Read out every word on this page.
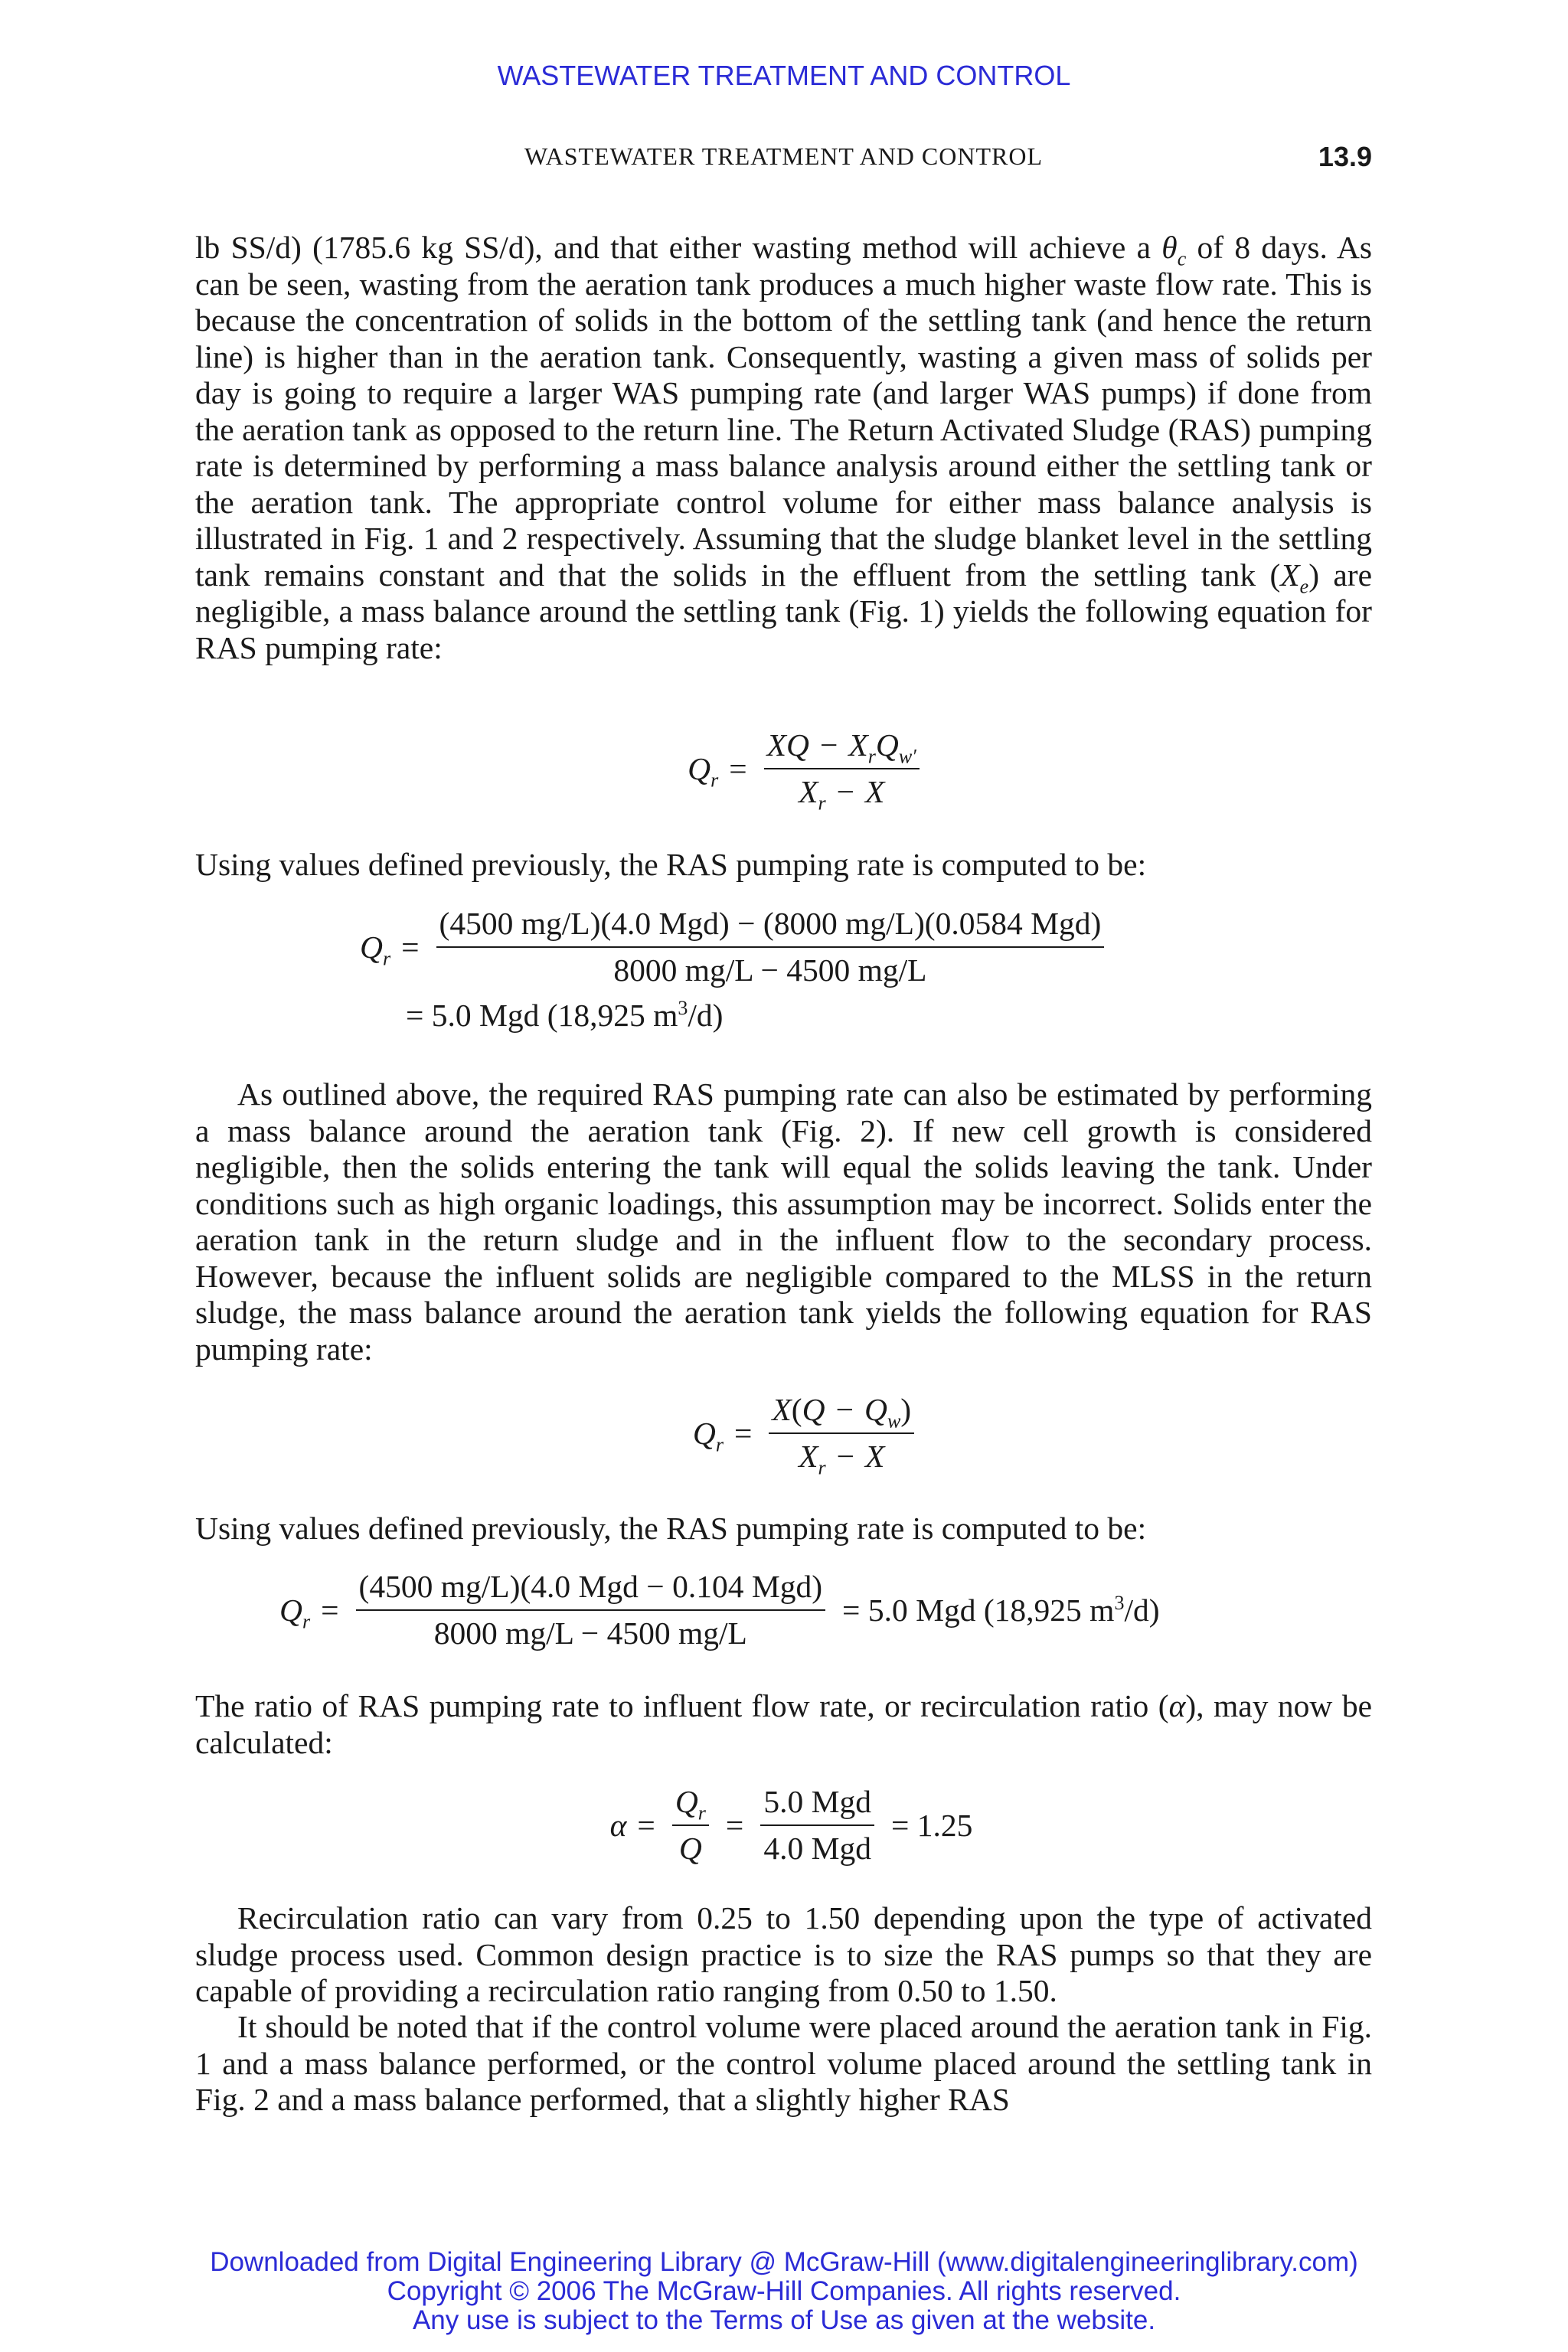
WASTEWATER TREATMENT AND CONTROL
WASTEWATER TREATMENT AND CONTROL	13.9

lb SS/d) (1785.6 kg SS/d), and that either wasting method will achieve a $\theta_c$ of 8 days. As can be seen, wasting from the aeration tank produces a much higher waste flow rate. This is because the concentration of solids in the bottom of the settling tank (and hence the return line) is higher than in the aeration tank. Consequently, wasting a given mass of solids per day is going to require a larger WAS pumping rate (and larger WAS pumps) if done from the aeration tank as opposed to the return line. The Return Activated Sludge (RAS) pumping rate is determined by performing a mass balance analysis around either the settling tank or the aeration tank. The appropriate control volume for either mass balance analysis is illustrated in Fig. 1 and 2 respectively. Assuming that the sludge blanket level in the settling tank remains constant and that the solids in the effluent from the settling tank $(X_e)$ are negligible, a mass balance around the settling tank (Fig. 1) yields the following equation for RAS pumping rate:

$Q_r = \frac{XQ - X_rQ_{w'}}{X_r - X}$

Using values defined previously, the RAS pumping rate is computed to be:

$Q_r = \frac{\text{(4500 mg/L)(4.0 Mgd) − (8000 mg/L)(0.0584 Mgd)}}{8000 mg/L - 4500 mg/L}$
= 5.0 Mgd (18,925 $m^3/d$)

As outlined above, the required RAS pumping rate can also be estimated by performing a mass balance around the aeration tank (Fig. 2). If new cell growth is considered negligible, then the solids entering the tank will equal the solids leaving the tank. Under conditions such as high organic loadings, this assumption may be incorrect. Solids enter the aeration tank in the return sludge and in the influent flow to the secondary process. However, because the influent solids are negligible compared to the MLSS in the return sludge, the mass balance around the aeration tank yields the following equation for RAS pumping rate:

$Q_r = \frac{X(Q - Q_w)}{X_r - X}$

Using values defined previously, the RAS pumping rate is computed to be:

$Q_r = \frac{\text{(4500 mg/L)(4.0 Mgd − 0.104 Mgd)}}{8000 mg/L - 4500 mg/L} = 5.0$ Mgd (18,925 $m^3/d$)

The ratio of RAS pumping rate to influent flow rate, or recirculation ratio (α), may now be calculated:

$\alpha = \frac{Q_r}{Q} = \frac{\text{5.0 Mgd}}{\text{4.0 Mgd}} = 1.25$

Recirculation ratio can vary from 0.25 to 1.50 depending upon the type of activated sludge process used. Common design practice is to size the RAS pumps so that they are capable of providing a recirculation ratio ranging from 0.50 to 1.50.

It should be noted that if the control volume were placed around the aeration tank in Fig. 1 and a mass balance performed, or the control volume placed around the settling tank in Fig. 2 and a mass balance performed, that a slightly higher RAS

Downloaded from Digital Engineering Library @ McGraw-Hill (www.digitalengineeringlibrary.com)
Copyright © 2006 The McGraw-Hill Companies. All rights reserved.
Any use is subject to the Terms of Use as given at the website.
